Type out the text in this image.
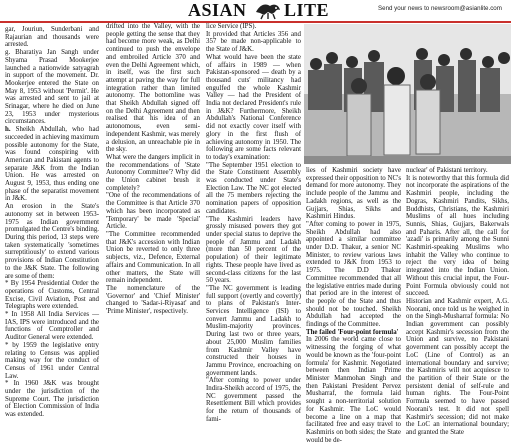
ASIAN LITE	Send your news to newsroom@asianlite.com

gar, Jouriun, Sunderbani and Rajaurian and thousands were arrested.

g. Bharatiya Jan Sangh under Shyama Prasad Mookerjee launched a nationwide satyagrah in support of the movement. Dr. Mookerjee entered the State on May 8, 1953 without 'Permit'. He was arrested and sent to jail at Srinagar, where he died on June 23, 1953 under mysterious circumstances.

h. Sheikh Abdullah, who had succeeded in achieving maximum possible autonomy for the State, was found conspiring with American and Pakistani agents to separate J&K from the Indian Union. He was arrested on August 9, 1953, thus ending one phase of the separatist movement in J&K.

An erosion in the State's autonomy set in between 1953-1975 as Indian government promulgated the Centre's binding. During this period, 13 steps were taken systematically 'sometimes surreptitiously' to extend various provisions of Indian Constitution to the J&K State. The following are some of them:

* By 1954 Presidential Order the operations of Customs, Central Excise, Civil Aviation, Post and Telegraphs were extended.

* In 1958 All India Services — IAS, IPS were introduced and the functions of Comptroller and Auditor General were extended.

* by 1959 the legislative entry relating to Census was applied making way for the conduct of Census of 1961 under Central Law.

* In 1960 J&K was brought under the jurisdiction of the Supreme Court. The jurisdiction of Election Commission of India was extended.

drifted into the Valley, with the people getting the sense that they had become more weak, as Delhi continued to push the envelope and embroiled Article 370 and even the Delhi Agreement which, in itself, was the first such attempt at paving the way for full integration rather than limited autonomy. The bottomline was that Sheikh Abdullah signed off on the Delhi Agreement and then realised that his idea of an autonomous, even semi-independent Kashmir, was merely a delusion, an unreachable pie in the sky.

What were the dangers implicit in the recommendations of 'State Autonomy Committee'? Why did the Union cabinet brush it completely?

"One of the recommendations of the Committee is that Article 370 which has been incorporated as 'Temporary' be made 'Special' Article.

"The Committee recommended that J&K's accession with Indian Union be reverted to only three subjects, viz., Defence, External affairs and Communication. In all other matters, the State will remain independent.

The nomenclature of the 'Governor' and 'Chief Minister' changed to 'Sadar-i-Riyasat' and 'Prime Minister', respectively.

lice Service (IPS).

It provided that Articles 356 and 357 be made non-applicable to the State of J&K.

What would have been the state of affairs in 1989 — when Pakistan-sponsored — death by a thousand cuts' militancy had engulfed the whole Kashmir Valley — had the President of India not declared President's rule in J&K? Furthermore, Sheikh Abdullah's National Conference did not exactly cover itself with glory in the first flush of achieving autonomy in 1950. The following are some facts relevant to today's examination:

"The September 1951 election to the State Constituent Assembly was conducted under State's Election Law. The NC got elected all the 75 members rejecting the nomination papers of opposition candidates.

"The Kashmiri leaders have grossly misused powers they got under special status to deprive the people of Jammu and Ladakh (more than 50 percent of the population) of their legitimate rights. These people have lived as second-class citizens for the last 50 years.

"The NC government is leading full support (overtly and covertly) to plans of Pakistan's Inter-Services Intelligence (ISI) to convert Jammu and Ladakh to Muslim-majority provinces. During last two or three years, about 25,000 Muslim families from Kashmir Valley have constructed their houses in Jammu Province, encroaching on government lands.

"After coming to power under Indira-Sheikh accord of 1975, the NC government passed the Resettlement Bill which provides for the return of thousands of fami-

lies of Kashmiri society have expressed their opposition to NC's demand for more autonomy. They include people of the Jammu and Ladakh regions, as well as the Gujjars, Shias, Sikhs and Kashmiri Hindus.

"After coming to power in 1975, Sheikh Abdullah had also appointed a similar committee under D.D. Thakur, a senior NC Minister, to review various laws extended to J&K from 1953 to 1975. The D.D Thakur Committee recommended that all the legislative entries made during that period are in the interest of the people of the State and thus should not be touched. Sheikh Abdullah had accepted the findings of the Committee.

The failed 'Four-point formula'

In 2006 the world came close to witnessing the forging of what would be known as the 'four-point formula' for Kashmir. Negotiated between then Indian Prime Minister Manmohan Singh and then Pakistani President Pervez Musharraf, the formula laid sought a non-territorial solution for Kashmir. The LoC would become a line on a map that facilitated free and easy travel to Kashmiris on both sides; the State would be de-

nuclear' of Pakistani territory.

It is noteworthy that this formula did not incorporate the aspirations of the Kashmiri people, including the Dogras, Kashmiri Pandits, Sikhs, Buddhists, Christians, the Kashmiri Muslims of all hues including Sunnis, Shias, Gujjars, Bakerwals and Paharis. After all, the call for 'azadi' is primarily among the Sunni Kashmiri-speaking Muslims who inhabit the Valley who continue to reject the very idea of being integrated into the Indian Union. Without this crucial input, the Four-Point Formula obviously could not succeed.

Historian and Kashmir expert, A.G. Noorani, once told us he weighed in on the Singh-Musharraf formula: No Indian government can possibly accept Kashmir's secession from the Union and survive, no Pakistani government can possibly accept the LoC (Line of Control) as an international boundary and survive; the Kashmiris will not acquiesce to the partition of their State or the persistent denial of self-rule and human rights. The Four-Point Formula seemed to have passed Noorani's test. It did not spell Kashmir's secession; did not make the LoC an international boundary; and granted the State
